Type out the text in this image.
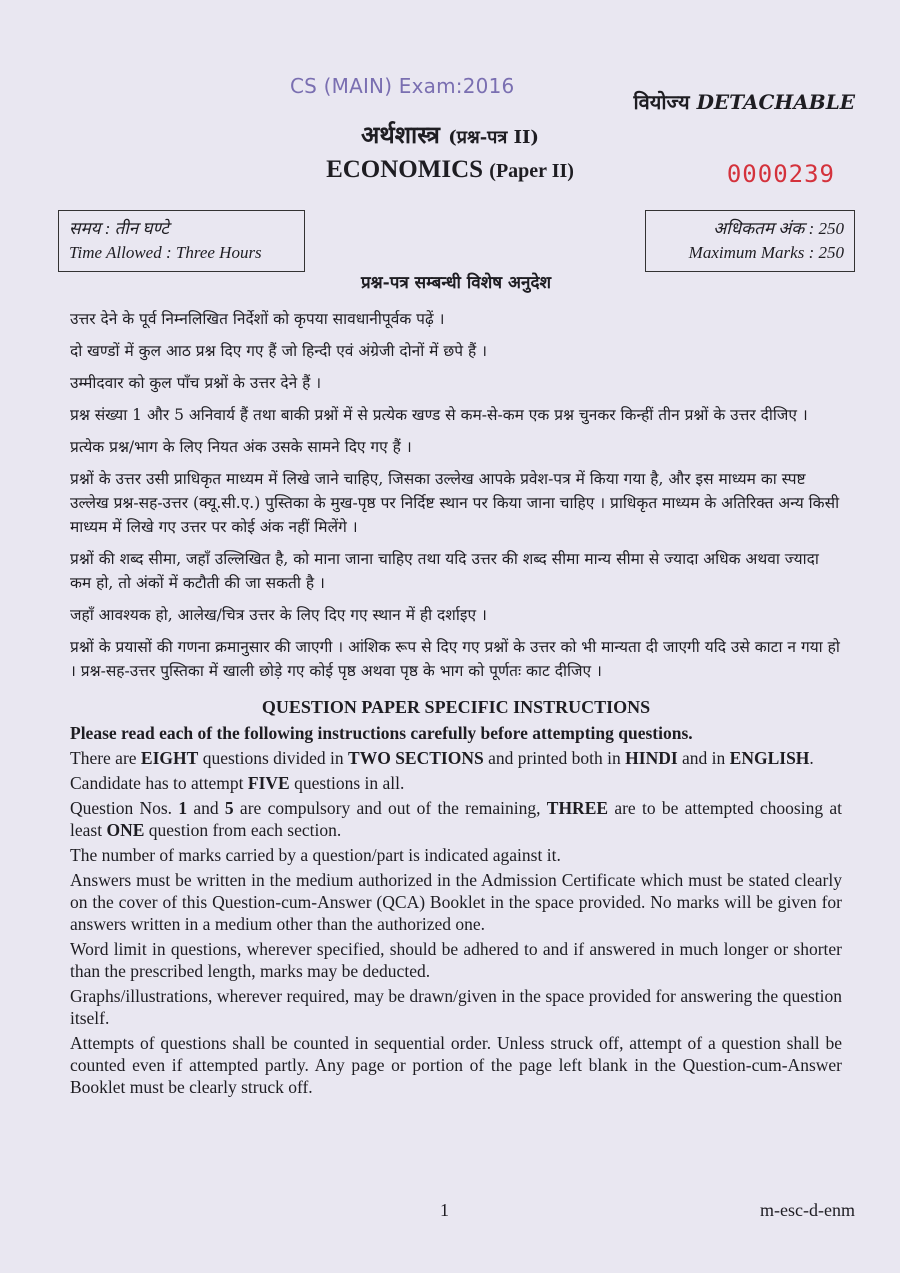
CS (MAIN) Exam:2016
वियोज्य DETACHABLE
अर्थशास्त्र (प्रश्न-पत्र II)
ECONOMICS (Paper II)	0000239
समय : तीन घण्टे
Time Allowed : Three Hours
अधिकतम अंक : 250
Maximum Marks : 250
प्रश्न-पत्र सम्बन्धी विशेष अनुदेश

उत्तर देने के पूर्व निम्नलिखित निर्देशों को कृपया सावधानीपूर्वक पढ़ें ।

दो खण्डों में कुल आठ प्रश्न दिए गए हैं जो हिन्दी एवं अंग्रेजी दोनों में छपे हैं ।

उम्मीदवार को कुल पाँच प्रश्नों के उत्तर देने हैं ।

प्रश्न संख्या 1 और 5 अनिवार्य हैं तथा बाकी प्रश्नों में से प्रत्येक खण्ड से कम-से-कम एक प्रश्न चुनकर किन्हीं तीन प्रश्नों के उत्तर दीजिए ।

प्रत्येक प्रश्न/भाग के लिए नियत अंक उसके सामने दिए गए हैं ।

प्रश्नों के उत्तर उसी प्राधिकृत माध्यम में लिखे जाने चाहिए, जिसका उल्लेख आपके प्रवेश-पत्र में किया गया है, और इस माध्यम का स्पष्ट उल्लेख प्रश्न-सह-उत्तर (क्यू.सी.ए.) पुस्तिका के मुख-पृष्ठ पर निर्दिष्ट स्थान पर किया जाना चाहिए । प्राधिकृत माध्यम के अतिरिक्त अन्य किसी माध्यम में लिखे गए उत्तर पर कोई अंक नहीं मिलेंगे ।

प्रश्नों की शब्द सीमा, जहाँ उल्लिखित है, को माना जाना चाहिए तथा यदि उत्तर की शब्द सीमा मान्य सीमा से ज्यादा अधिक अथवा ज्यादा कम हो, तो अंकों में कटौती की जा सकती है ।

जहाँ आवश्यक हो, आलेख/चित्र उत्तर के लिए दिए गए स्थान में ही दर्शाइए ।

प्रश्नों के प्रयासों की गणना क्रमानुसार की जाएगी । आंशिक रूप से दिए गए प्रश्नों के उत्तर को भी मान्यता दी जाएगी यदि उसे काटा न गया हो । प्रश्न-सह-उत्तर पुस्तिका में खाली छोड़े गए कोई पृष्ठ अथवा पृष्ठ के भाग को पूर्णतः काट दीजिए ।

QUESTION PAPER SPECIFIC INSTRUCTIONS

Please read each of the following instructions carefully before attempting questions.

There are EIGHT questions divided in TWO SECTIONS and printed both in HINDI and in ENGLISH.

Candidate has to attempt FIVE questions in all.

Question Nos. 1 and 5 are compulsory and out of the remaining, THREE are to be attempted choosing at least ONE question from each section.

The number of marks carried by a question/part is indicated against it.

Answers must be written in the medium authorized in the Admission Certificate which must be stated clearly on the cover of this Question-cum-Answer (QCA) Booklet in the space provided. No marks will be given for answers written in a medium other than the authorized one.

Word limit in questions, wherever specified, should be adhered to and if answered in much longer or shorter than the prescribed length, marks may be deducted.

Graphs/illustrations, wherever required, may be drawn/given in the space provided for answering the question itself.

Attempts of questions shall be counted in sequential order. Unless struck off, attempt of a question shall be counted even if attempted partly. Any page or portion of the page left blank in the Question-cum-Answer Booklet must be clearly struck off.

1	m-esc-d-enm
